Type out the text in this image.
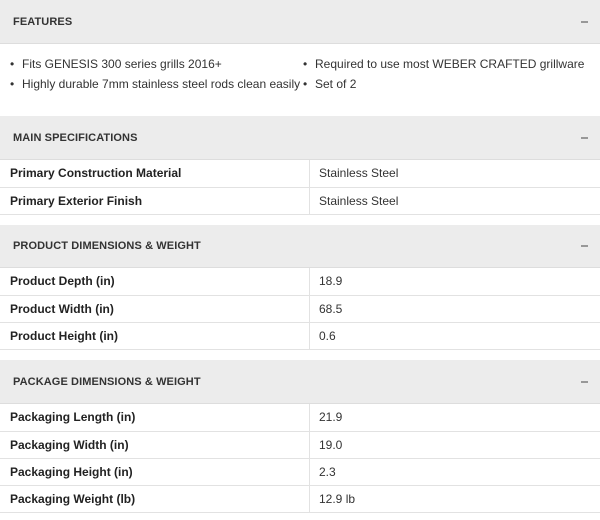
FEATURES
• Fits GENESIS 300 series grills 2016+
• Highly durable 7mm stainless steel rods clean easily
• Required to use most WEBER CRAFTED grillware
• Set of 2
MAIN SPECIFICATIONS
Primary Construction Material	Stainless Steel
Primary Exterior Finish	Stainless Steel
PRODUCT DIMENSIONS & WEIGHT
Product Depth (in)	18.9
Product Width (in)	68.5
Product Height (in)	0.6
PACKAGE DIMENSIONS & WEIGHT
Packaging Length (in)	21.9
Packaging Width (in)	19.0
Packaging Height (in)	2.3
Packaging Weight (lb)	12.9 lb
